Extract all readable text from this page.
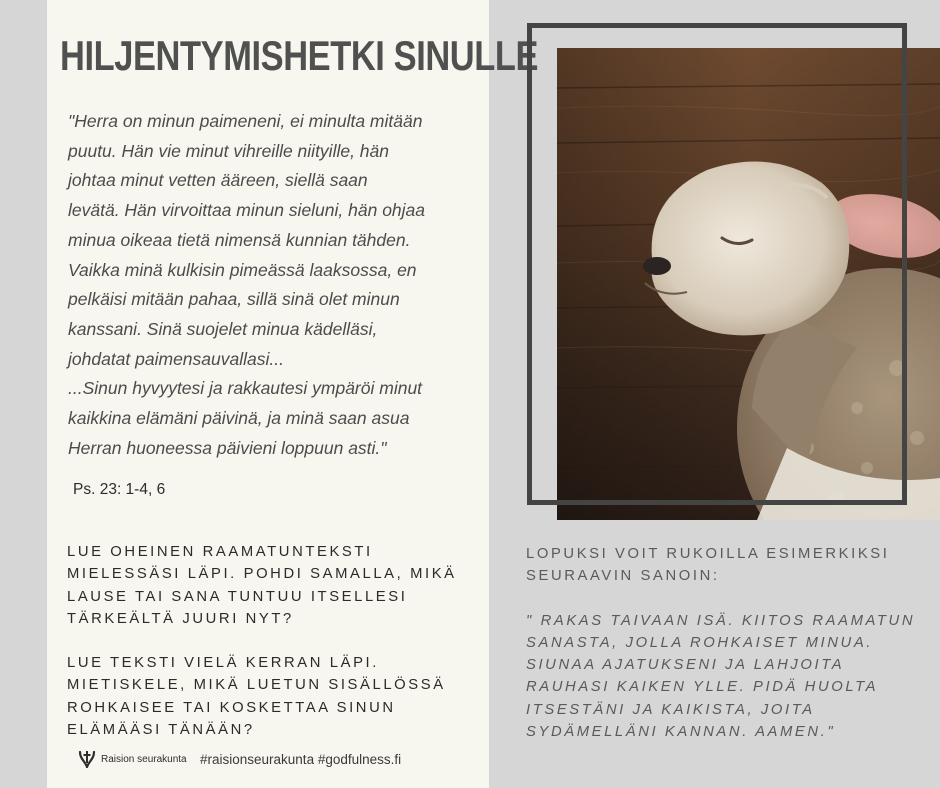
HILJENTYMISHETKI SINULLE

"Herra on minun paimeneni, ei minulta mitään

puutu. Hän vie minut vihreille niityille, hän

johtaa minut vetten ääreen, siellä saan

levätä. Hän virvoittaa minun sieluni, hän ohjaa

minua oikeaa tietä nimensä kunnian tähden.

Vaikka minä kulkisin pimeässä laaksossa, en

pelkäisi mitään pahaa, sillä sinä olet minun

kanssani. Sinä suojelet minua kädelläsi,

johdatat paimensauvallasi...

...Sinun hyvyytesi ja rakkautesi ympäröi minut

kaikkina elämäni päivinä, ja minä saan asua

Herran huoneessa päivieni loppuun asti."

Ps. 23: 1-4, 6

LUE OHEINEN RAAMATUNTEKSTI MIELESSÄSI LÄPI. POHDI SAMALLA, MIKÄ LAUSE TAI SANA TUNTUU ITSELLESI TÄRKEÄLTÄ JUURI NYT?

LUE TEKSTI VIELÄ KERRAN LÄPI. MIETISKELE, MIKÄ LUETUN SISÄLLÖSSÄ ROHKAISEE TAI KOSKETTAA SINUN ELÄMÄÄSI TÄNÄÄN?

Raision seurakunta #raisionseurakunta #godfulness.fi

LOPUKSI VOIT RUKOILLA ESIMERKIKSI SEURAAVIN SANOIN:

" RAKAS TAIVAAN ISÄ. KIITOS RAAMATUN SANASTA, JOLLA ROHKAISET MINUA. SIUNAA AJATUKSENI JA LAHJOITA RAUHASI KAIKEN YLLE. PIDÄ HUOLTA ITSESTÄNI JA KAIKISTA, JOITA SYDÄMELLÄNI KANNAN. AAMEN."
